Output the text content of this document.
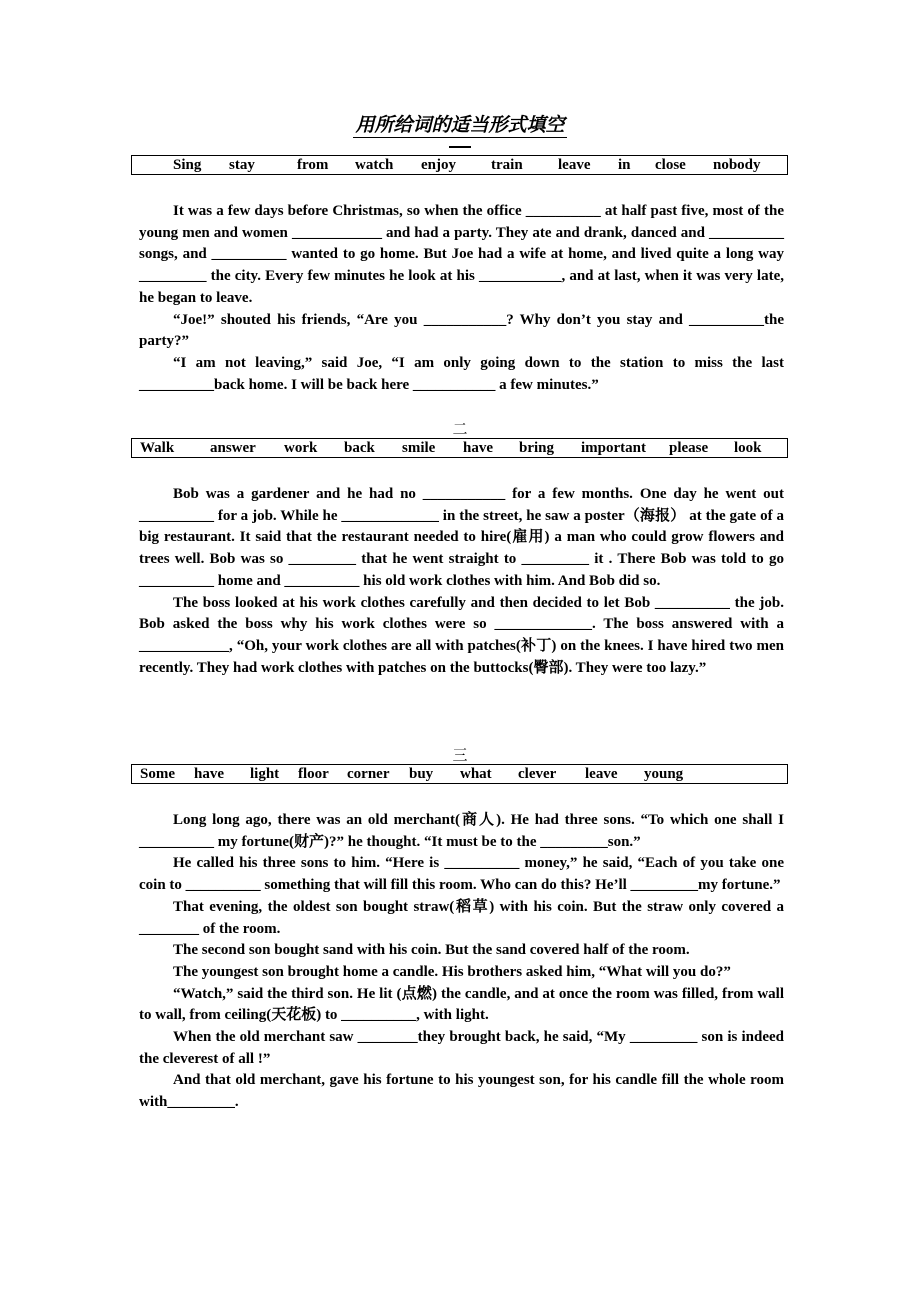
用所给词的适当形式填空
Sing stay	from watch enjoy train leave in close nobody

It was a few days before Christmas, so when the office __________ at half past five, most of the young men and women ____________ and had a party. They ate and drank, danced and __________ songs, and __________ wanted to go home. But Joe had a wife at home, and lived quite a long way _________ the city. Every few minutes he look at his ___________, and at last, when it was very late, he began to leave.

“Joe!” shouted his friends, “Are you ___________? Why don’t you stay and __________the party?”

“I am not leaving,” said Joe, “I am only going down to the station to miss the last __________back home. I will be back here ___________ a few minutes.”

二
Walk answer work back smile have bring important please look

Bob was a gardener and he had no ___________ for a few months. One day he went out __________ for a job. While he _____________ in the street, he saw a poster（海报） at the gate of a big restaurant. It said that the restaurant needed to hire(雇用) a man who could grow flowers and trees well. Bob was so _________ that he went straight to _________ it . There Bob was told to go __________ home and __________ his old work clothes with him. And Bob did so.

The boss looked at his work clothes carefully and then decided to let Bob __________ the job. Bob asked the boss why his work clothes were so _____________. The boss answered with a ____________, “Oh, your work clothes are all with patches(补丁) on the knees. I have hired two men recently. They had work clothes with patches on the buttocks(臀部). They were too lazy.”

三
Some have light floor corner buy what clever leave young

Long long ago, there was an old merchant(商人). He had three sons. “To which one shall I __________ my fortune(财产)?” he thought. “It must be to the _________son.”

He called his three sons to him. “Here is __________ money,” he said, “Each of you take one coin to __________ something that will fill this room. Who can do this? He’ll _________my fortune.”

That evening, the oldest son bought straw(稻草) with his coin. But the straw only covered a ________ of the room.

The second son bought sand with his coin. But the sand covered half of the room.

The youngest son brought home a candle. His brothers asked him, “What will you do?”

“Watch,” said the third son. He lit (点燃) the candle, and at once the room was filled, from wall to wall, from ceiling(天花板) to __________, with light.

When the old merchant saw ________they brought back, he said, “My _________ son is indeed the cleverest of all !”

And that old merchant, gave his fortune to his youngest son, for his candle fill the whole room with_________.
